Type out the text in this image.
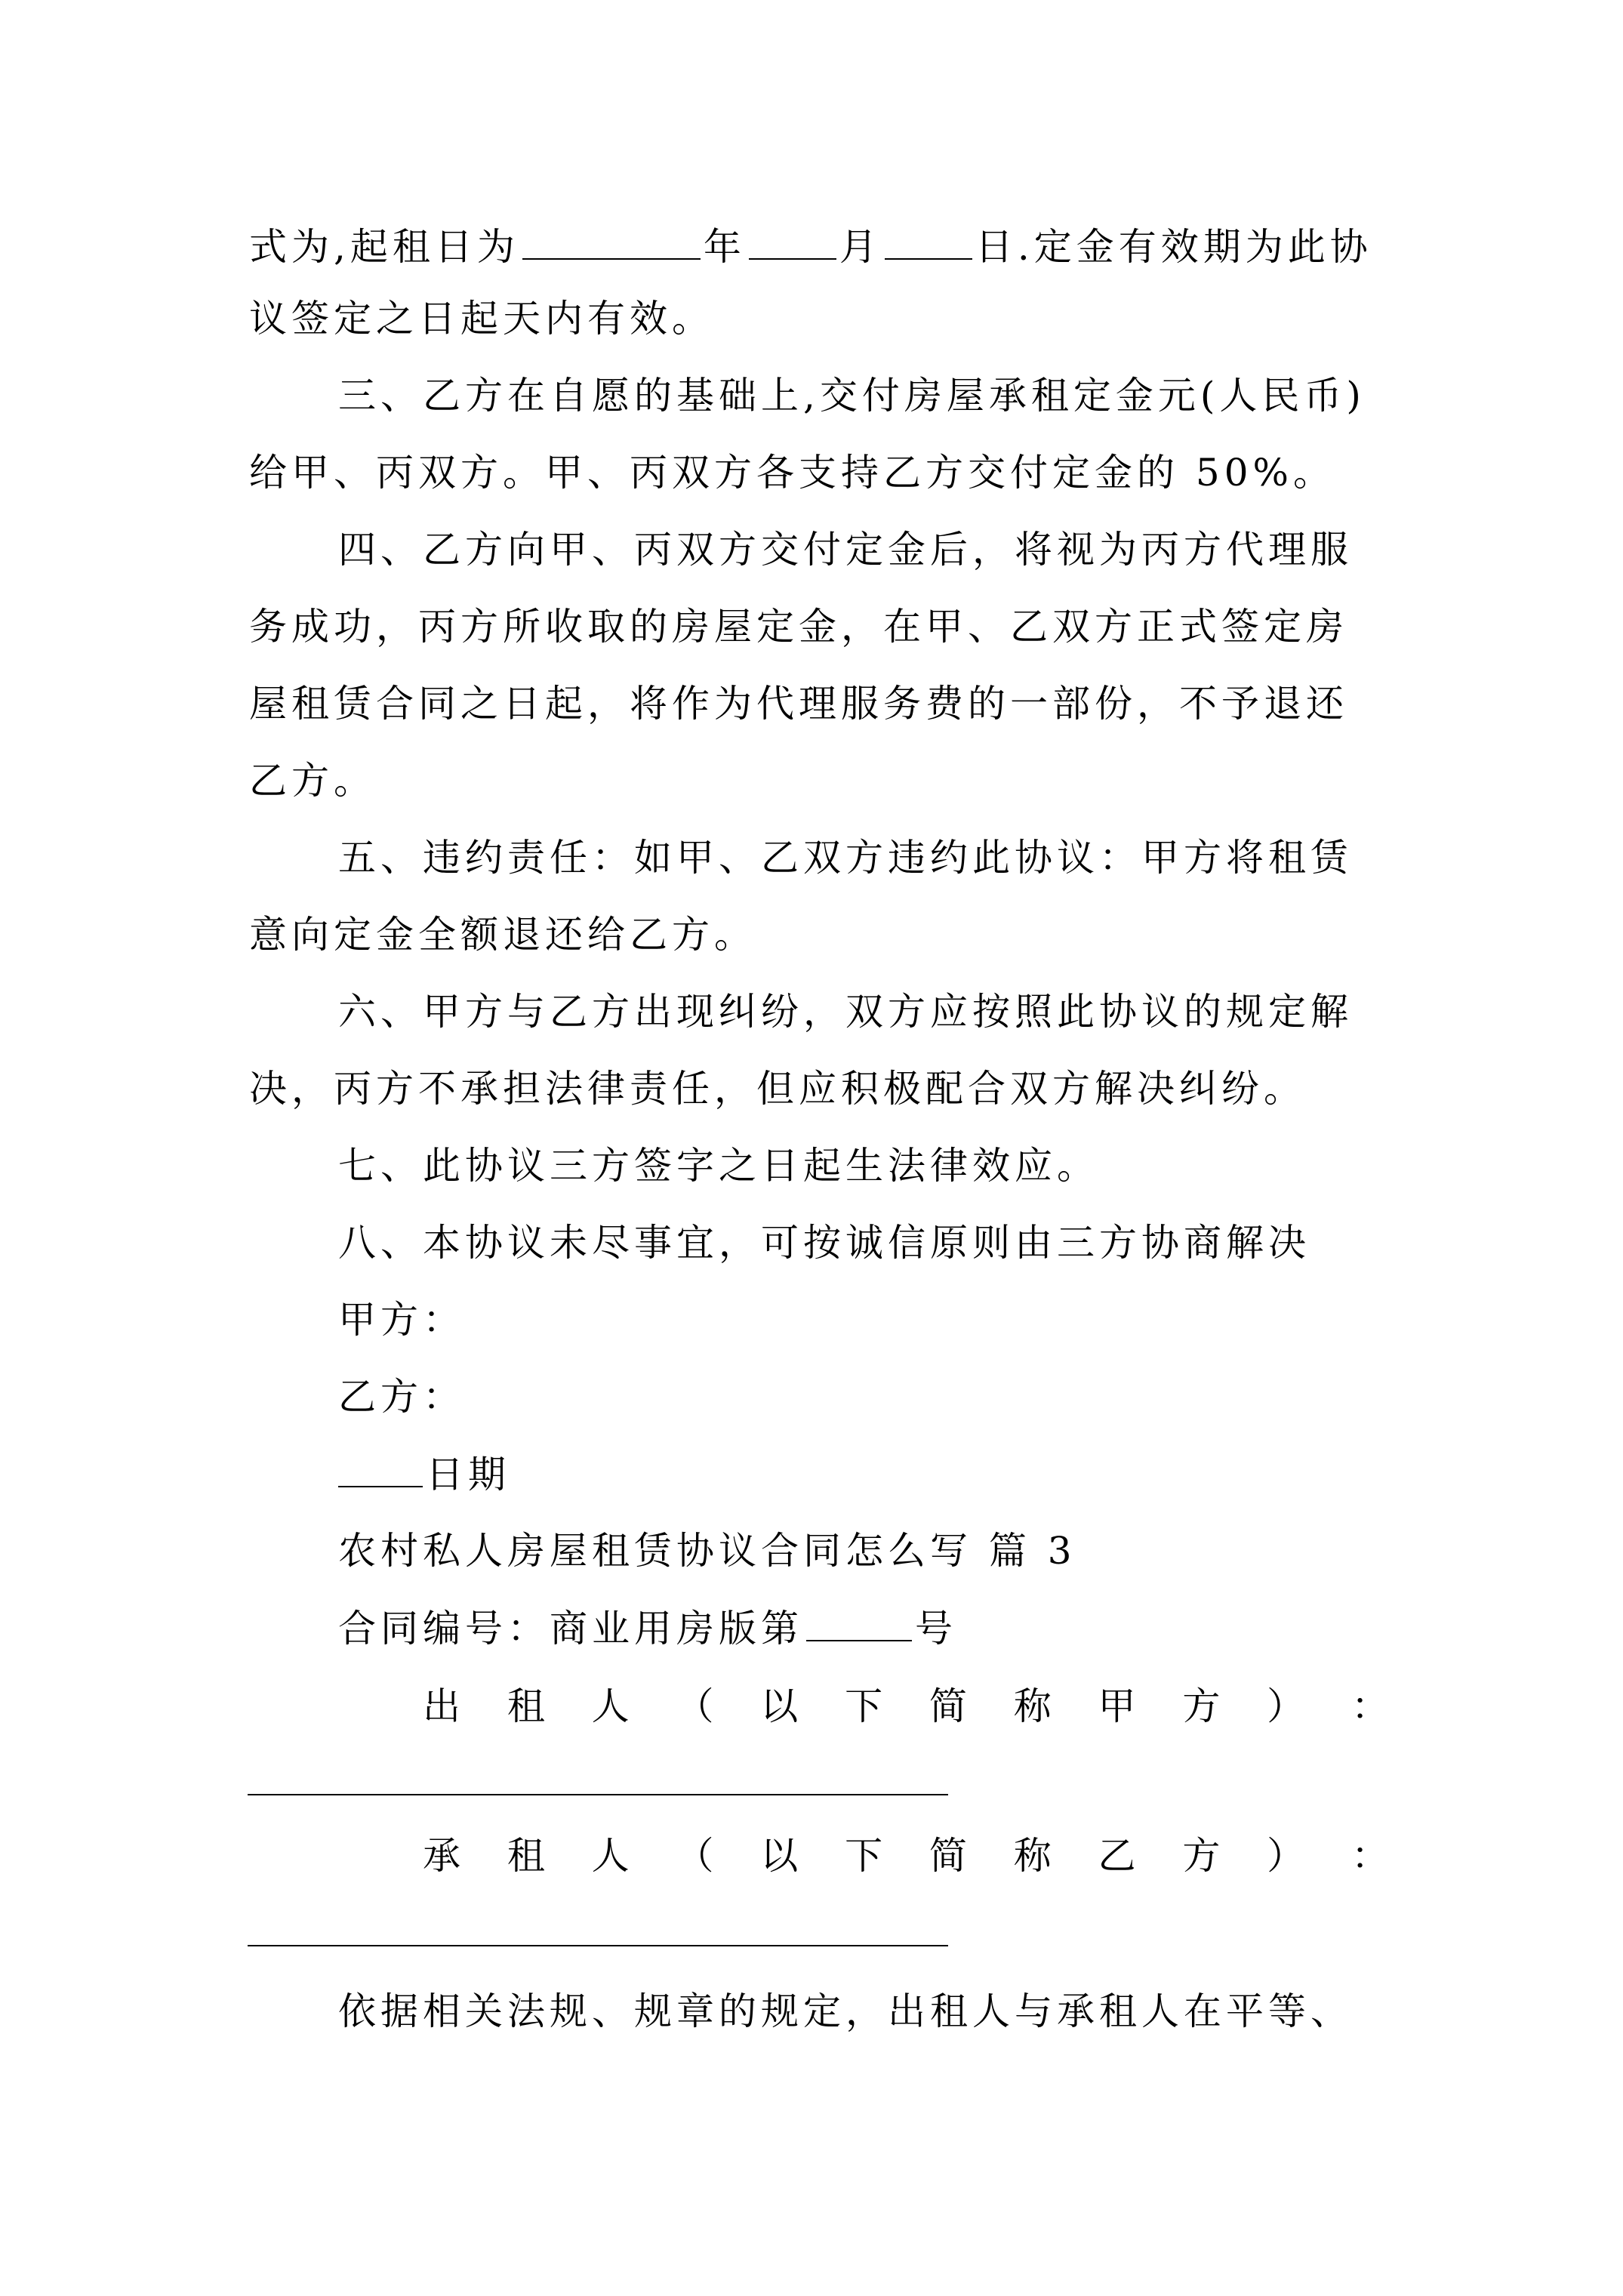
式为,起租日为	年 月 日.定金有效期为此协
议签定之日起天内有效。
三、乙方在自愿的基础上,交付房屋承租定金元(人民币)
给甲、丙双方。甲、丙双方各支持乙方交付定金的 50%。
四、乙方向甲、丙双方交付定金后，将视为丙方代理服
务成功，丙方所收取的房屋定金，在甲、乙双方正式签定房
屋租赁合同之日起，将作为代理服务费的一部份，不予退还
乙方。
五、违约责任：如甲、乙双方违约此协议：甲方将租赁
意向定金全额退还给乙方。
六、甲方与乙方出现纠纷，双方应按照此协议的规定解
决，丙方不承担法律责任，但应积极配合双方解决纠纷。
七、此协议三方签字之日起生法律效应。
八、本协议未尽事宜，可按诚信原则由三方协商解决
甲方：
乙方：
日期
农村私人房屋租赁协议合同怎么写 篇 3
合同编号：商业用房版第	号
出 租 人 （ 以 下 简 称 甲 方 ） ：
承 租 人 （ 以 下 简 称 乙 方 ） ：
依据相关法规、规章的规定，出租人与承租人在平等、
